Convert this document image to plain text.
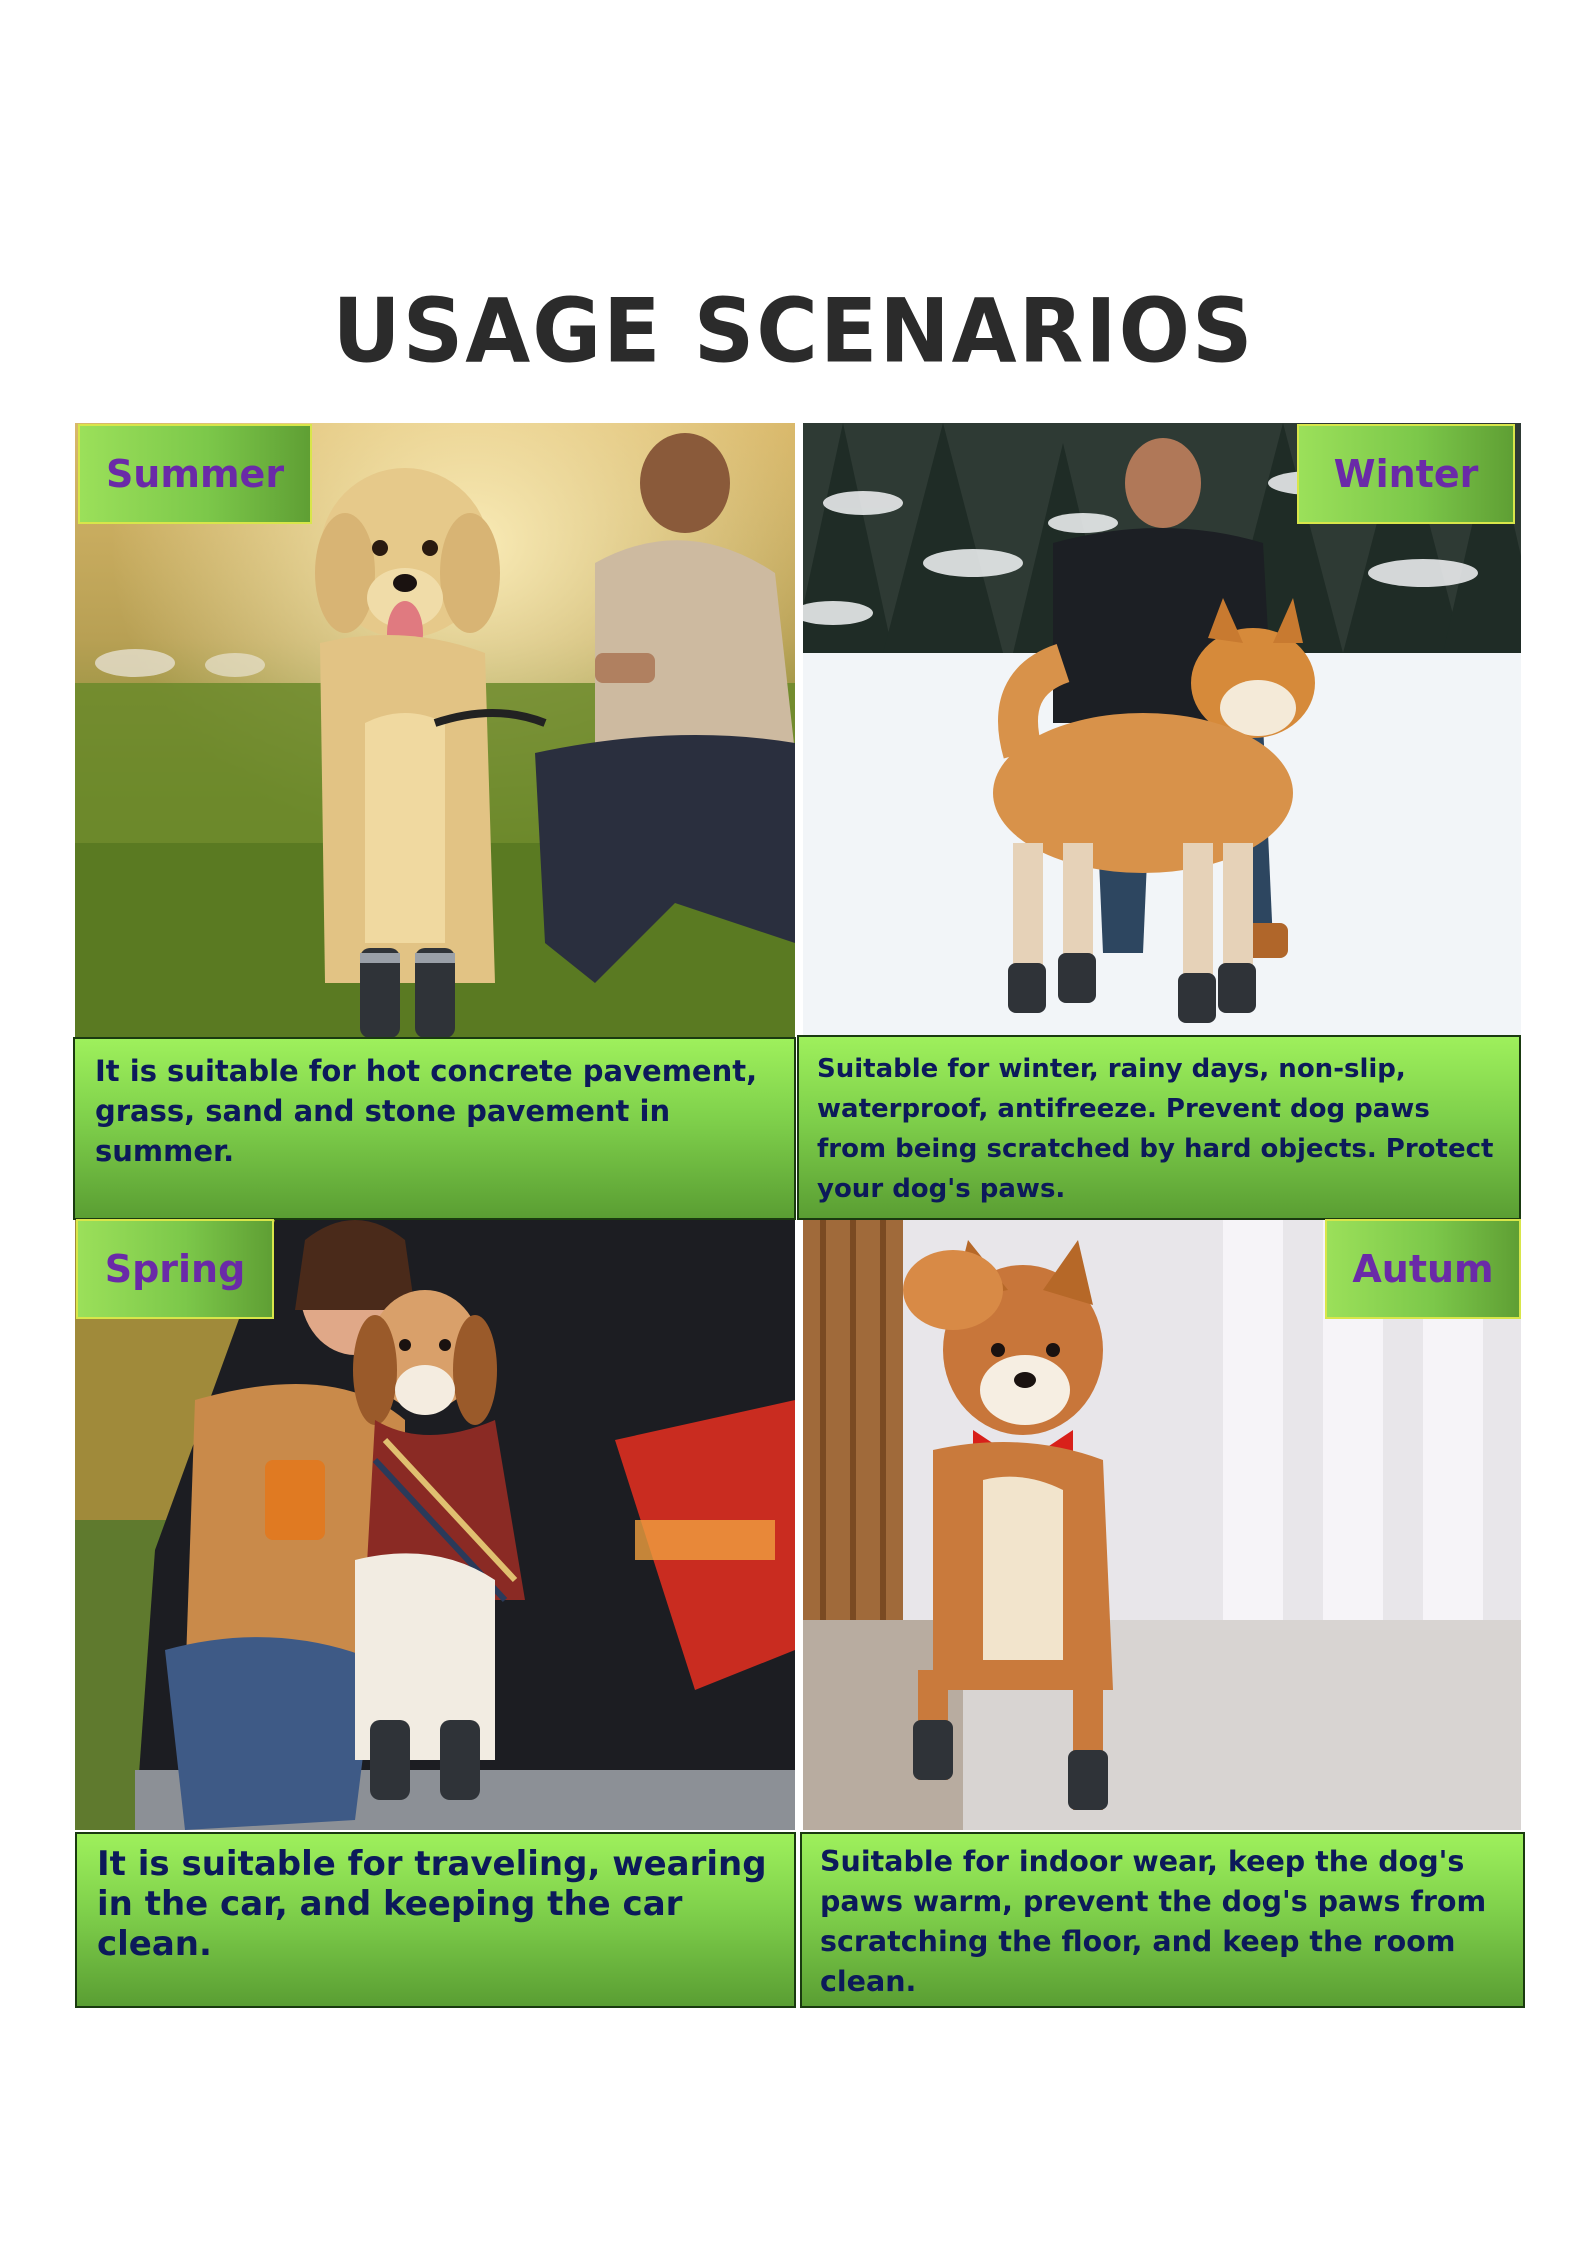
USAGE SCENARIOS
Summer	Winter
It is suitable for hot concrete pavement, grass, sand and stone pavement in summer.
Suitable for winter, rainy days, non-slip, waterproof, antifreeze. Prevent dog paws from being scratched by hard objects. Protect your dog's paws.
Spring	Autum
It is suitable for traveling, wearing in the car, and keeping the car clean.
Suitable for indoor wear, keep the dog's paws warm, prevent the dog's paws from scratching the floor, and keep the room clean.
